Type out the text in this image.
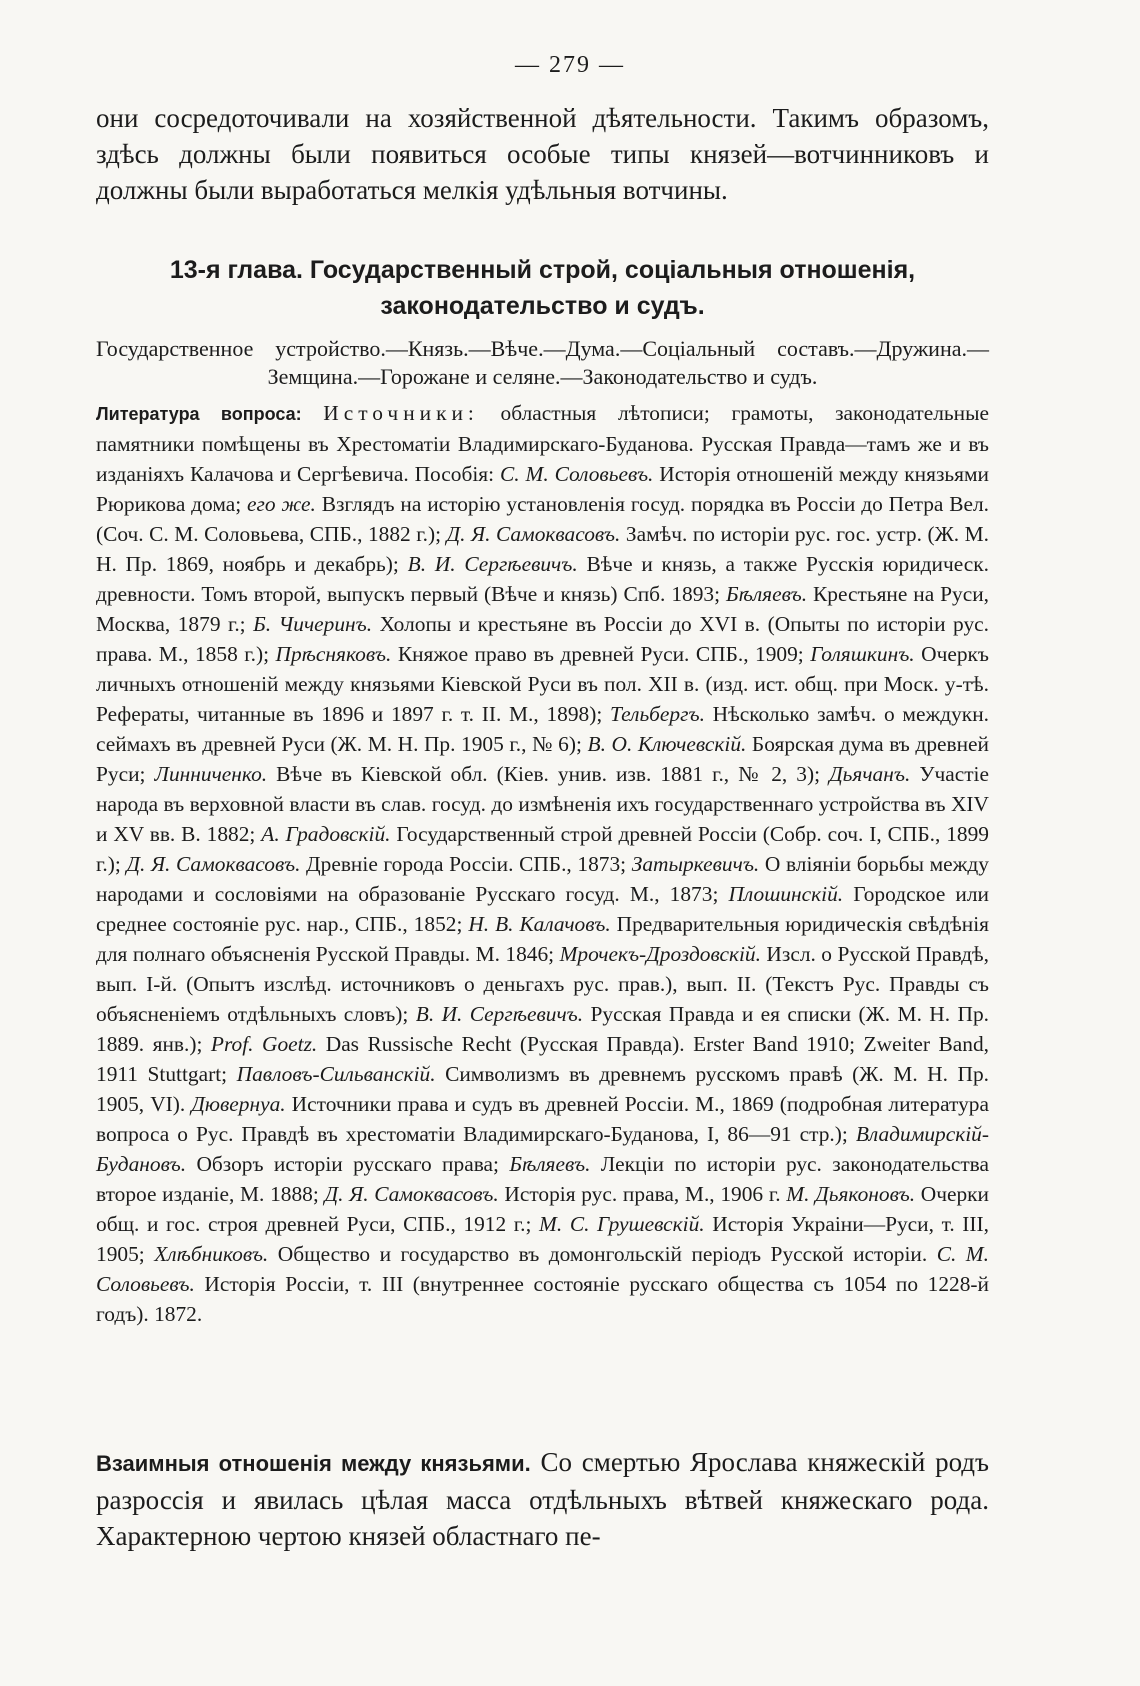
— 279 —

они сосредоточивали на хозяйственной дѣятельности. Такимъ образомъ, здѣсь должны были появиться особые типы князей—вотчинниковъ и должны были выработаться мелкія удѣльныя вотчины.

13-я глава. Государственный строй, соціальныя отношенія, законодательство и судъ.

Государственное устройство.—Князь.—Вѣче.—Дума.—Соціальный составъ.—Дружина.—Земщина.—Горожане и селяне.—Законодательство и судъ.

Литература вопроса: Источники: областныя лѣтописи; грамоты, законодательные памятники помѣщены въ Хрестоматіи Владимирскаго-Буданова. Русская Правда—тамъ же и въ изданіяхъ Калачова и Сергѣевича. Пособія: С. М. Соловьевъ. Исторія отношеній между князьями Рюрикова дома; его же. Взглядъ на исторію установленія госуд. порядка въ Россіи до Петра Вел. (Соч. С. М. Соловьева, СПБ., 1882 г.); Д. Я. Самоквасовъ. Замѣч. по исторіи рус. гос. устр. (Ж. М. Н. Пр. 1869, ноябрь и декабрь); В. И. Сергѣевичъ. Вѣче и князь, а также Русскія юридическ. древности. Томъ второй, выпускъ первый (Вѣче и князь) Спб. 1893; Бѣляевъ. Крестьяне на Руси, Москва, 1879 г.; Б. Чичеринъ. Холопы и крестьяне въ Россіи до XVI в. (Опыты по исторіи рус. права. М., 1858 г.); Прѣсняковъ. Княжое право въ древней Руси. СПБ., 1909; Голяшкинъ. Очеркъ личныхъ отношеній между князьями Кіевской Руси въ пол. XII в. (изд. ист. общ. при Моск. у-тѣ. Рефераты, читанные въ 1896 и 1897 г. т. II. М., 1898); Тельбергъ. Нѣсколько замѣч. о междукн. сеймахъ въ древней Руси (Ж. М. Н. Пр. 1905 г., № 6); В. О. Ключевскій. Боярская дума въ древней Руси; Линниченко. Вѣче въ Кіевской обл. (Кіев. унив. изв. 1881 г., № 2, 3); Дьячанъ. Участіе народа въ верховной власти въ слав. госуд. до измѣненія ихъ государственнаго устройства въ XIV и XV вв. В. 1882; А. Градовскій. Государственный строй древней Россіи (Собр. соч. I, СПБ., 1899 г.); Д. Я. Самоквасовъ. Древніе города Россіи. СПБ., 1873; Затыркевичъ. О вліяніи борьбы между народами и сословіями на образованіе Русскаго госуд. М., 1873; Плошинскій. Городское или среднее состояніе рус. нар., СПБ., 1852; Н. В. Калачовъ. Предварительныя юридическія свѣдѣнія для полнаго объясненія Русской Правды. М. 1846; Мрочекъ-Дроздовскій. Изсл. о Русской Правдѣ, вып. I-й. (Опытъ изслѣд. источниковъ о деньгахъ рус. прав.), вып. II. (Текстъ Рус. Правды съ объясненіемъ отдѣльныхъ словъ); В. И. Сергѣевичъ. Русская Правда и ея списки (Ж. М. Н. Пр. 1889. янв.); Prof. Goetz. Das Russische Recht (Русская Правда). Erster Band 1910; Zweiter Band, 1911 Stuttgart; Павловъ-Сильванскій. Символизмъ въ древнемъ русскомъ правѣ (Ж. М. Н. Пр. 1905, VI). Дювернуа. Источники права и судъ въ древней Россіи. М., 1869 (подробная литература вопроса о Рус. Правдѣ въ хрестоматіи Владимирскаго-Буданова, I, 86—91 стр.); Владимирскій-Будановъ. Обзоръ исторіи русскаго права; Бѣляевъ. Лекціи по исторіи рус. законодательства второе изданіе, М. 1888; Д. Я. Самоквасовъ. Исторія рус. права, М., 1906 г. М. Дьяконовъ. Очерки общ. и гос. строя древней Руси, СПБ., 1912 г.; М. С. Грушевскій. Исторія Украіни—Руси, т. III, 1905; Хлѣбниковъ. Общество и государство въ домонгольскій періодъ Русской исторіи. С. М. Соловьевъ. Исторія Россіи, т. III (внутреннее состояніе русскаго общества съ 1054 по 1228-й годъ). 1872.

Взаимныя отношенія между князьями. Со смертью Ярослава княжескій родъ разроссія и явилась цѣлая масса отдѣльныхъ вѣтвей княжескаго рода. Характерною чертою князей областнаго пе-
